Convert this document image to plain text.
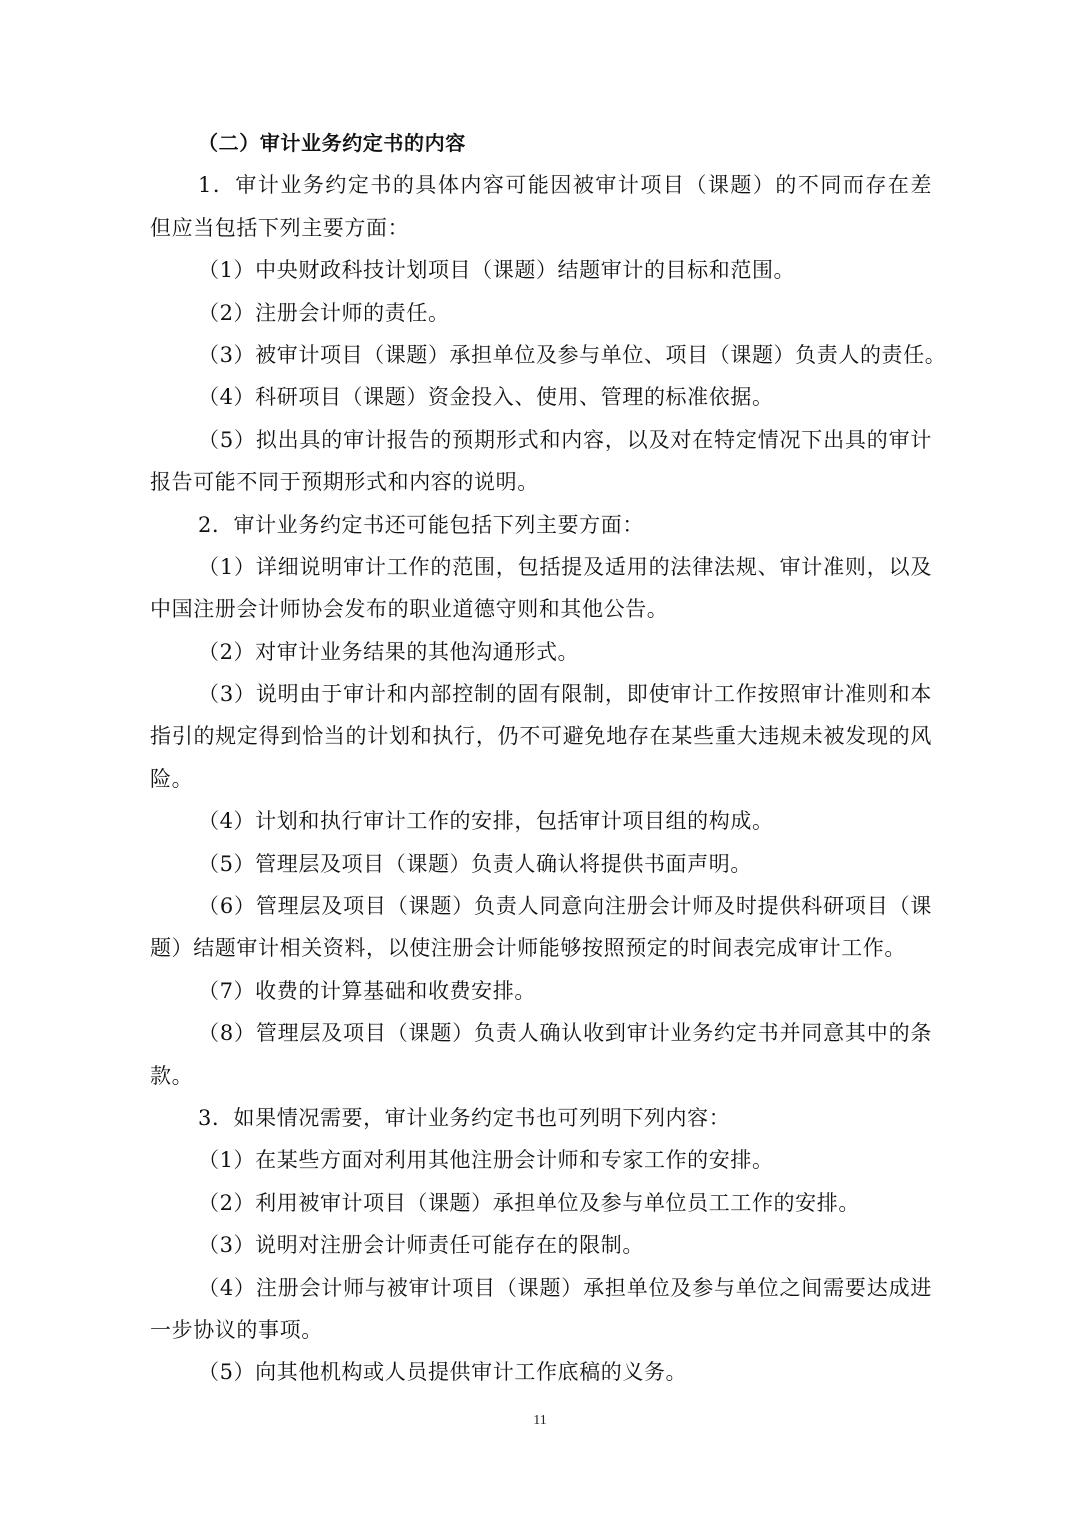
（二）审计业务约定书的内容
1．审计业务约定书的具体内容可能因被审计项目（课题）的不同而存在差
但应当包括下列主要方面：
（1）中央财政科技计划项目（课题）结题审计的目标和范围。
（2）注册会计师的责任。
（3）被审计项目（课题）承担单位及参与单位、项目（课题）负责人的责任。
（4）科研项目（课题）资金投入、使用、管理的标准依据。
（5）拟出具的审计报告的预期形式和内容，以及对在特定情况下出具的审计
报告可能不同于预期形式和内容的说明。
2．审计业务约定书还可能包括下列主要方面：
（1）详细说明审计工作的范围，包括提及适用的法律法规、审计准则，以及
中国注册会计师协会发布的职业道德守则和其他公告。
（2）对审计业务结果的其他沟通形式。
（3）说明由于审计和内部控制的固有限制，即使审计工作按照审计准则和本
指引的规定得到恰当的计划和执行，仍不可避免地存在某些重大违规未被发现的风
险。
（4）计划和执行审计工作的安排，包括审计项目组的构成。
（5）管理层及项目（课题）负责人确认将提供书面声明。
（6）管理层及项目（课题）负责人同意向注册会计师及时提供科研项目（课
题）结题审计相关资料，以使注册会计师能够按照预定的时间表完成审计工作。
（7）收费的计算基础和收费安排。
（8）管理层及项目（课题）负责人确认收到审计业务约定书并同意其中的条
款。
3．如果情况需要，审计业务约定书也可列明下列内容：
（1）在某些方面对利用其他注册会计师和专家工作的安排。
（2）利用被审计项目（课题）承担单位及参与单位员工工作的安排。
（3）说明对注册会计师责任可能存在的限制。
（4）注册会计师与被审计项目（课题）承担单位及参与单位之间需要达成进
一步协议的事项。
（5）向其他机构或人员提供审计工作底稿的义务。
11
